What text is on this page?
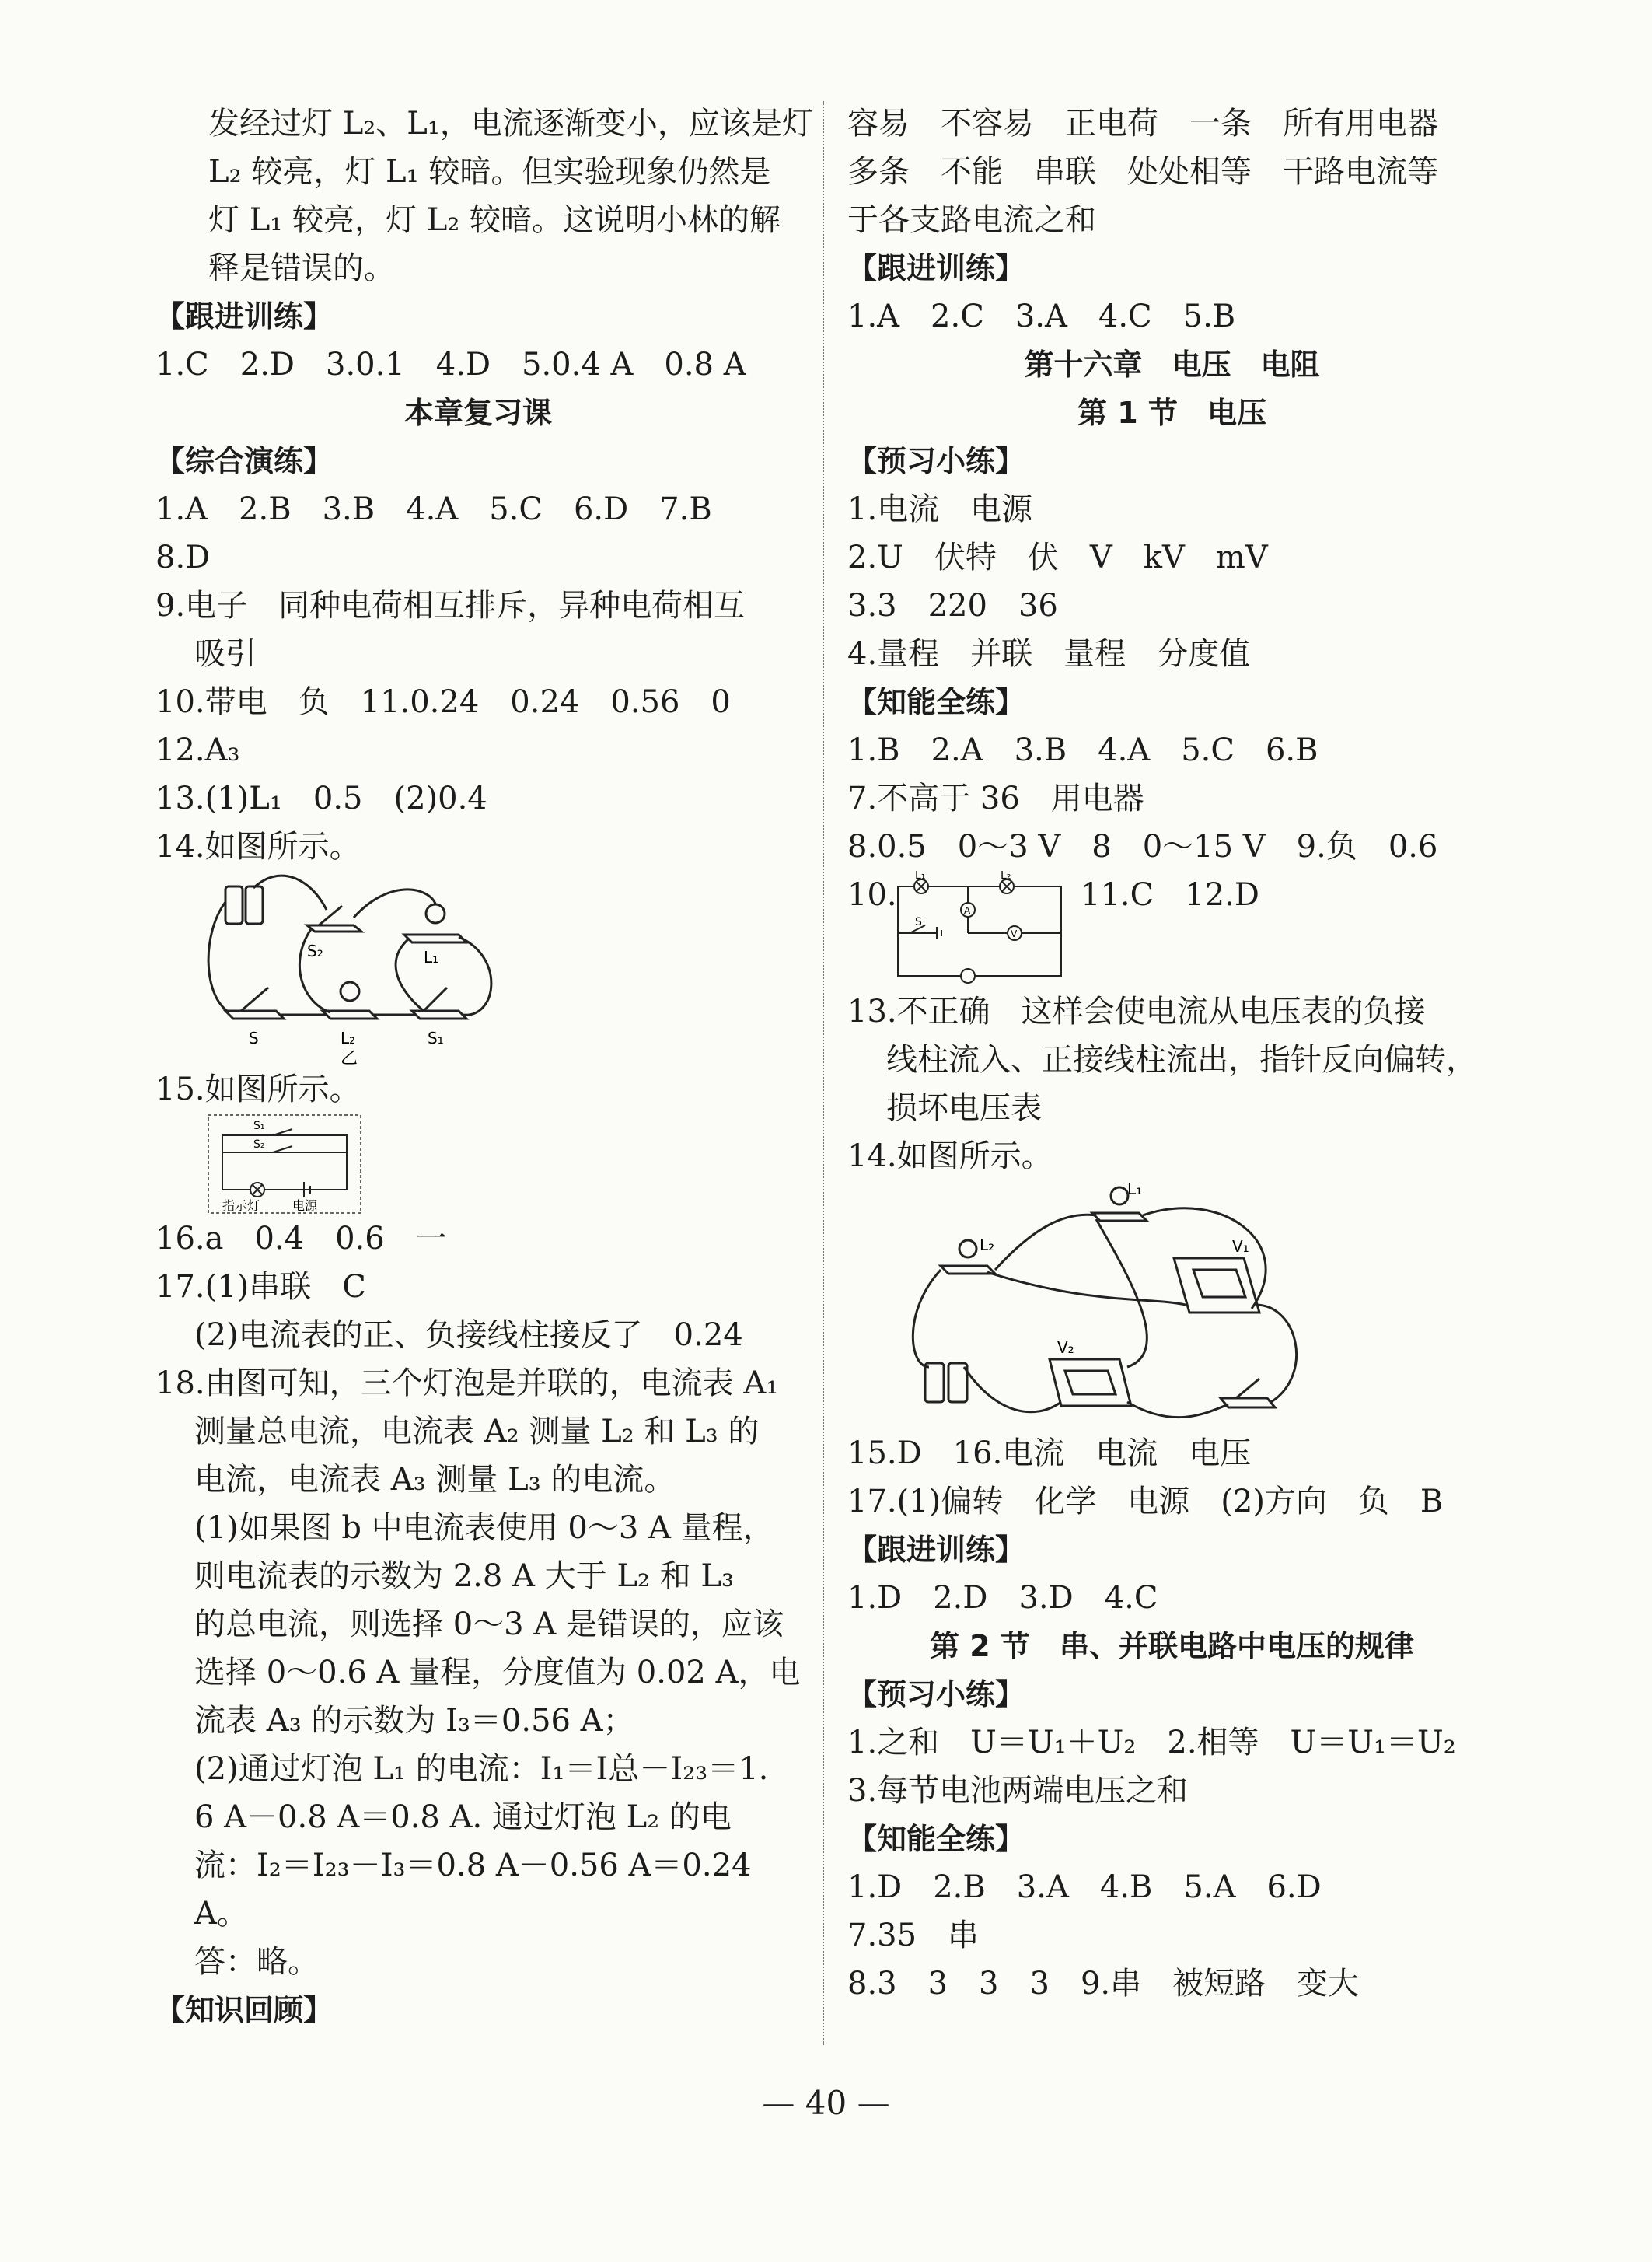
发经过灯 L₂、L₁，电流逐渐变小，应该是灯
L₂ 较亮，灯 L₁ 较暗。但实验现象仍然是
灯 L₁ 较亮，灯 L₂ 较暗。这说明小林的解
释是错误的。
【跟进训练】
1.C　2.D　3.0.1　4.D　5.0.4 A　0.8 A
本章复习课
【综合演练】
1.A　2.B　3.B　4.A　5.C　6.D　7.B
8.D
9.电子　同种电荷相互排斥，异种电荷相互
吸引
10.带电　负　11.0.24　0.24　0.56　0
12.A₃
13.(1)L₁　0.5　(2)0.4
14.如图所示。
S₂	L₁
S	L₂	S₁
乙
15.如图所示。
S₁
S₂
指示灯	电源
16.a　0.4　0.6　一
17.(1)串联　C
(2)电流表的正、负接线柱接反了　0.24
18.由图可知，三个灯泡是并联的，电流表 A₁
测量总电流，电流表 A₂ 测量 L₂ 和 L₃ 的
电流，电流表 A₃ 测量 L₃ 的电流。
(1)如果图 b 中电流表使用 0～3 A 量程，
则电流表的示数为 2.8 A 大于 L₂ 和 L₃
的总电流，则选择 0～3 A 是错误的，应该
选择 0～0.6 A 量程，分度值为 0.02 A，电
流表 A₃ 的示数为 I₃＝0.56 A；
(2)通过灯泡 L₁ 的电流：I₁＝I总－I₂₃＝1.
6 A－0.8 A＝0.8 A. 通过灯泡 L₂ 的电
流：I₂＝I₂₃－I₃＝0.8 A－0.56 A＝0.24
A。
答：略。
【知识回顾】
容易　不容易　正电荷　一条　所有用电器
多条　不能　串联　处处相等　干路电流等
于各支路电流之和
【跟进训练】
1.A　2.C　3.A　4.C　5.B
第十六章　电压　电阻
第 1 节　电压
【预习小练】
1.电流　电源
2.U　伏特　伏　V　kV　mV
3.3　220　36
4.量程　并联　量程　分度值
【知能全练】
1.B　2.A　3.B　4.A　5.C　6.B
7.不高于 36　用电器
8.0.5　0～3 V　8　0～15 V　9.负　0.6
10.
L₁	L₂
S
A
V
11.C　12.D
13.不正确　这样会使电流从电压表的负接
线柱流入、正接线柱流出，指针反向偏转，
损坏电压表
14.如图所示。
L₁
L₂	V₁
V₂
15.D　16.电流　电流　电压
17.(1)偏转　化学　电源　(2)方向　负　B
【跟进训练】
1.D　2.D　3.D　4.C
第 2 节　串、并联电路中电压的规律
【预习小练】
1.之和　U＝U₁＋U₂　2.相等　U＝U₁＝U₂
3.每节电池两端电压之和
【知能全练】
1.D　2.B　3.A　4.B　5.A　6.D
7.35　串
8.3　3　3　3　9.串　被短路　变大
— 40 —
